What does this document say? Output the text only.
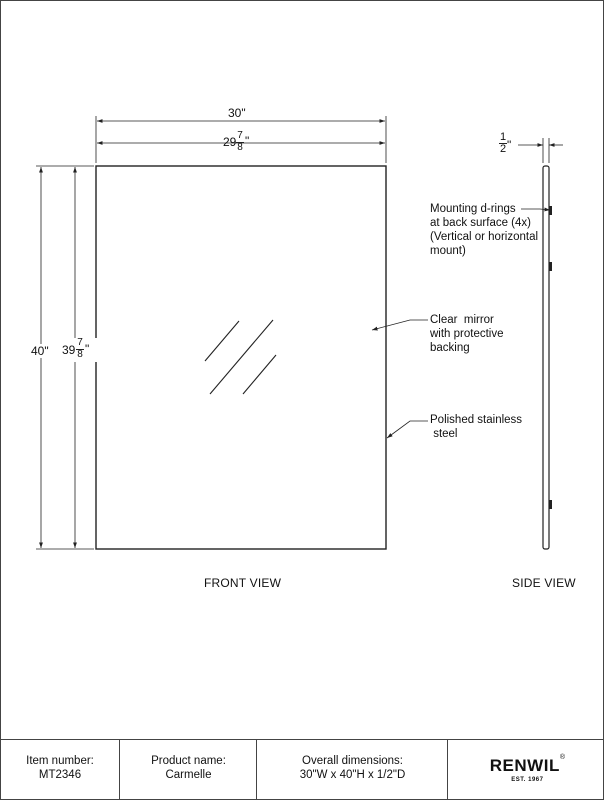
30"
29 7
8 "
40" 39
7
8 "
1
2 "
Mounting d-rings
at back surface (4x)
(Vertical or horizontal
mount)
Clear  mirror
with protective
backing
Polished stainless
steel
FRONT VIEW	SIDE VIEW
Item number:
MT2346
Product name:
Carmelle
Overall dimensions:
30"W x 40"H x 1/2"D	RENWIL®
EST. 1967
